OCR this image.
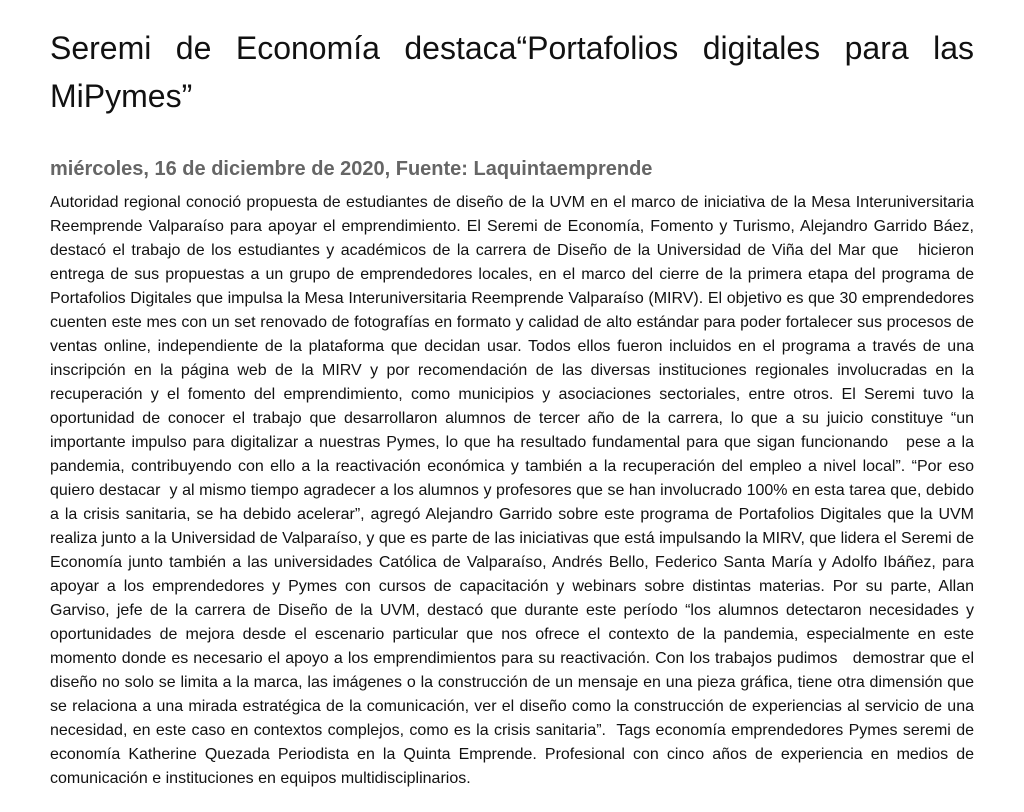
Seremi de Economía destaca“Portafolios digitales para las MiPymes”
miércoles, 16 de diciembre de 2020, Fuente: Laquintaemprende

Autoridad regional conoció propuesta de estudiantes de diseño de la UVM en el marco de iniciativa de la Mesa Interuniversitaria Reemprende Valparaíso para apoyar el emprendimiento. El Seremi de Economía, Fomento y Turismo, Alejandro Garrido Báez,  destacó el trabajo de los estudiantes y académicos de la carrera de Diseño de la Universidad de Viña del Mar que   hicieron entrega de sus propuestas a un grupo de emprendedores locales, en el marco del cierre de la primera etapa del programa de Portafolios Digitales que impulsa la Mesa Interuniversitaria Reemprende Valparaíso (MIRV). El objetivo es que 30 emprendedores cuenten este mes con un set renovado de fotografías en formato y calidad de alto estándar para poder fortalecer sus procesos de ventas online, independiente de la plataforma que decidan usar. Todos ellos fueron incluidos en el programa a través de una  inscripción en la página web de la MIRV y por recomendación de las diversas instituciones regionales involucradas en la recuperación y el fomento del emprendimiento, como municipios y asociaciones sectoriales, entre otros. El Seremi tuvo la oportunidad de conocer el trabajo que desarrollaron alumnos de tercer año de la carrera, lo que a su juicio constituye “un importante impulso para digitalizar a nuestras Pymes, lo que ha resultado fundamental para que sigan funcionando   pese a la pandemia, contribuyendo con ello a la reactivación económica y también a la recuperación del empleo a nivel local”. “Por eso quiero destacar  y al mismo tiempo agradecer a los alumnos y profesores que se han involucrado 100% en esta tarea que, debido a la crisis sanitaria, se ha debido acelerar”, agregó Alejandro Garrido sobre este programa de Portafolios Digitales que la UVM realiza junto a la Universidad de Valparaíso, y que es parte de las iniciativas que está impulsando la MIRV, que lidera el Seremi de Economía junto también a las universidades Católica de Valparaíso, Andrés Bello, Federico Santa María y Adolfo Ibáñez, para  apoyar a los emprendedores y Pymes con cursos de capacitación y webinars sobre distintas materias. Por su parte, Allan Garviso, jefe de la carrera de Diseño de la UVM, destacó que durante este período “los alumnos detectaron necesidades y oportunidades de mejora desde el escenario particular que nos ofrece el contexto de la pandemia, especialmente en este momento donde es necesario el apoyo a los emprendimientos para su reactivación. Con los trabajos pudimos   demostrar que el diseño no solo se limita a la marca, las imágenes o la construcción de un mensaje en una pieza gráfica, tiene otra dimensión que se relaciona a una mirada estratégica de la comunicación, ver el diseño como la construcción de experiencias al servicio de una necesidad, en este caso en contextos complejos, como es la crisis sanitaria”.  Tags economía emprendedores Pymes seremi de economía Katherine Quezada Periodista en la Quinta Emprende. Profesional con cinco años de experiencia en medios de comunicación e instituciones en equipos multidisciplinarios.
